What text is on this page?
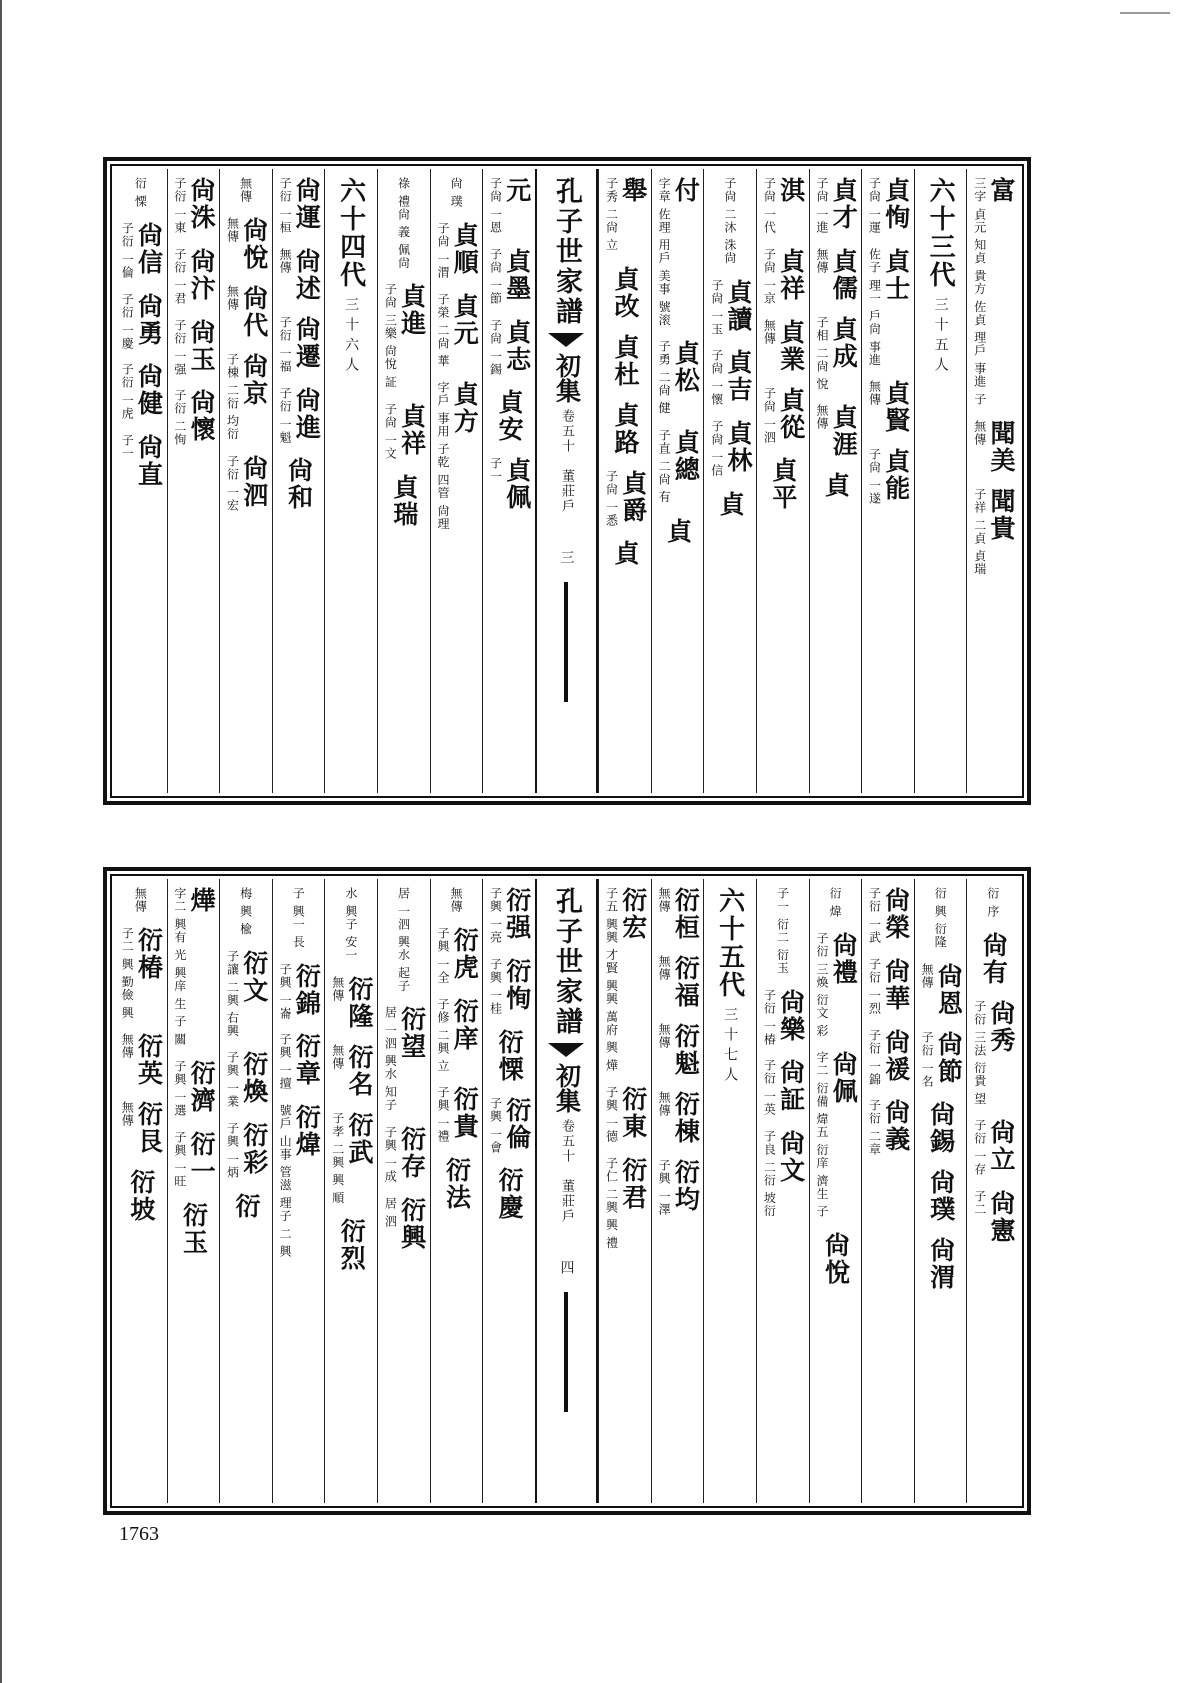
富
三字 貞元 知貞 貴方 佐貞 理戶 事進 子
聞美
無傳
聞貴
子祥 二貞 貞瑞
六十三代
三十五人
貞恂
子尙 一運
貞士
佐子 理一 戶尙 事進
貞賢
無傳
貞能
子尙 一遂
貞才
子尙 一進
貞儒
無傳
貞成
子相 二尙 悅
貞涯
無傳
貞
淇
子尙 一代
貞祥
子尙 一京
貞業
無傳
貞從
子尙 一泗
貞平
子尙 二沐 洙尙
貞讀
子尙 一玉
貞吉
子尙 一懷
貞林
子尙 一信
貞
付
字章 佐理 用戶 美事 號滚
貞松
子勇 二尙 健
貞總
子直 二尙 有
貞
舉
子秀 二尙 立
貞改
貞杜
貞路
貞爵
子尙 一悉
貞
孔子世家譜
初集
卷五十　董莊戶
三
元
子尙 一恩
貞墨
子尙 一節
貞志
子尙 一錫
貞安
貞佩
子一
尙 璞
貞順
子尙 一渭
貞元
子榮 二尙 華
貞方
字戶 事用 子乾 四管 尙理
祿 禮尙 義 佩尙
貞進
子尙 三樂 尙悅 証
貞祥
子尙 一文
貞瑞
六十四代
三十六人
尙運
子衍 一桓
尙述
無傳
尙遷
子衍 一福
尙進
子衍 一魁
尙和
無傳
尙悅
無傳
尙代
無傳
尙京
子棟 二衍 均衍
尙泗
子衍 一宏
尙洙
子衍 一東
尙汴
子衍 一君
尙玉
子衍 一强
尙懷
子衍 二恂
衍 慄
尙信
子衍 一倫
尙勇
子衍 一慶
尙健
子衍 一虎
尙直
子一
衍 序
尙有
尙秀
子衍 三法 衍貴 望
尙立
子衍 一存
尙憲
子二
衍 興 衍隆
尙恩
無傳
尙節
子衍 一名
尙錫
尙璞
尙渭
尙榮
子衍 一武
尙華
子衍 一烈
尙禐
子衍 一錦
尙義
子衍 二章
衍 煒
尙禮
子衍 三煥 衍文 彩
尙佩
字二 衍備 煒五 衍庠 濟生 子
尙悅
子一 衍二 衍玉
尙樂
子衍 一椿
尙証
子衍 一英
尙文
子良 二衍 坡衍
六十五代
三十七人
衍桓
無傳
衍福
無傳
衍魁
無傳
衍棟
無傳
衍均
子興 一澤
衍宏
子五 興興 才賢 興興 萬府 興 燁
衍東
子興 一德
衍君
子仁 二興 興 禮
孔子世家譜
初集
卷五十　董莊戶
四
衍强
子興 一亮
衍恂
子興 一桂
衍慄
衍倫
子興 一會
衍慶
無傳
衍虎
子興 一全
衍庠
子修 二興 立
衍貴
子興 一禮
衍法
居 一泗 興水 起子
衍望
居 一泗 興水 知子
衍存
子興 一成
衍興
居 泗
水 興子 安一
衍隆
無傳
衍名
無傳
衍武
子孝 二興 興 順
衍烈
子 興一 長
衍錦
子興 一崙
衍章
子興 一擅
衍煒
號戶 山事 管滋 理子 二 興
梅 興 楡
衍文
子讓 二興 右興
衍煥
子興 一業
衍彩
子興 一炳
衍
燁
字二 興有 光 興庠 生 子 關
衍濟
子興 一選
衍一
子興 一旺
衍玉
無傳
衍椿
子二 興 勤儉 興
衍英
無傳
衍艮
無傳
衍坡
1763
